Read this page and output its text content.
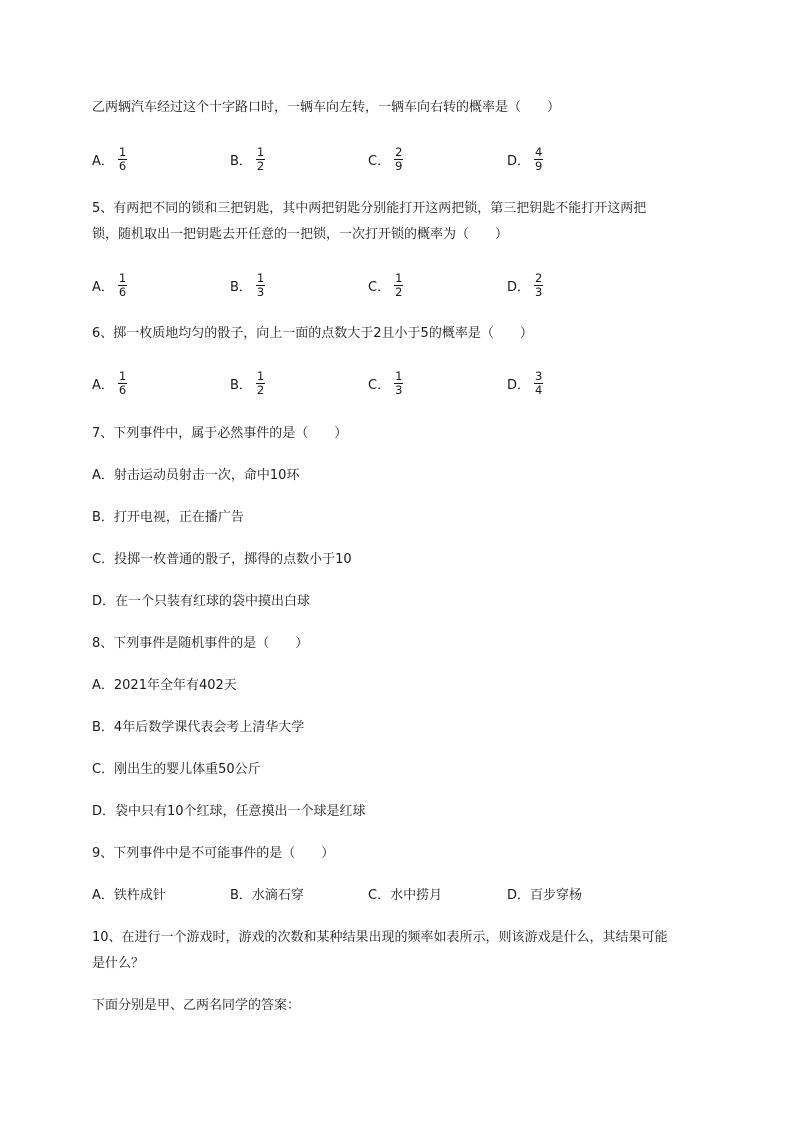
乙两辆汽车经过这个十字路口时，一辆车向左转，一辆车向右转的概率是（　　）
A． $\frac{1}{6}$	B． $\frac{1}{2}$	C． $\frac{2}{9}$	D． $\frac{4}{9}$
5、有两把不同的锁和三把钥匙，其中两把钥匙分别能打开这两把锁，第三把钥匙不能打开这两把
锁，随机取出一把钥匙去开任意的一把锁，一次打开锁的概率为（　　）
A． $\frac{1}{6}$	B． $\frac{1}{3}$	C． $\frac{1}{2}$	D． $\frac{2}{3}$
6、掷一枚质地均匀的骰子，向上一面的点数大于2且小于5的概率是（　　）
A． $\frac{1}{6}$	B． $\frac{1}{2}$	C． $\frac{1}{3}$	D． $\frac{3}{4}$
7、下列事件中，属于必然事件的是（　　）
A．射击运动员射击一次，命中10环
B．打开电视，正在播广告
C．投掷一枚普通的骰子，掷得的点数小于10
D．在一个只装有红球的袋中摸出白球
8、下列事件是随机事件的是（　　）
A．2021年全年有402天
B．4年后数学课代表会考上清华大学
C．刚出生的婴儿体重50公斤
D．袋中只有10个红球，任意摸出一个球是红球
9、下列事件中是不可能事件的是（　　）
A．铁杵成针	B．水滴石穿	C．水中捞月	D．百步穿杨
10、在进行一个游戏时，游戏的次数和某种结果出现的频率如表所示，则该游戏是什么，其结果可能
是什么？
下面分别是甲、乙两名同学的答案：
